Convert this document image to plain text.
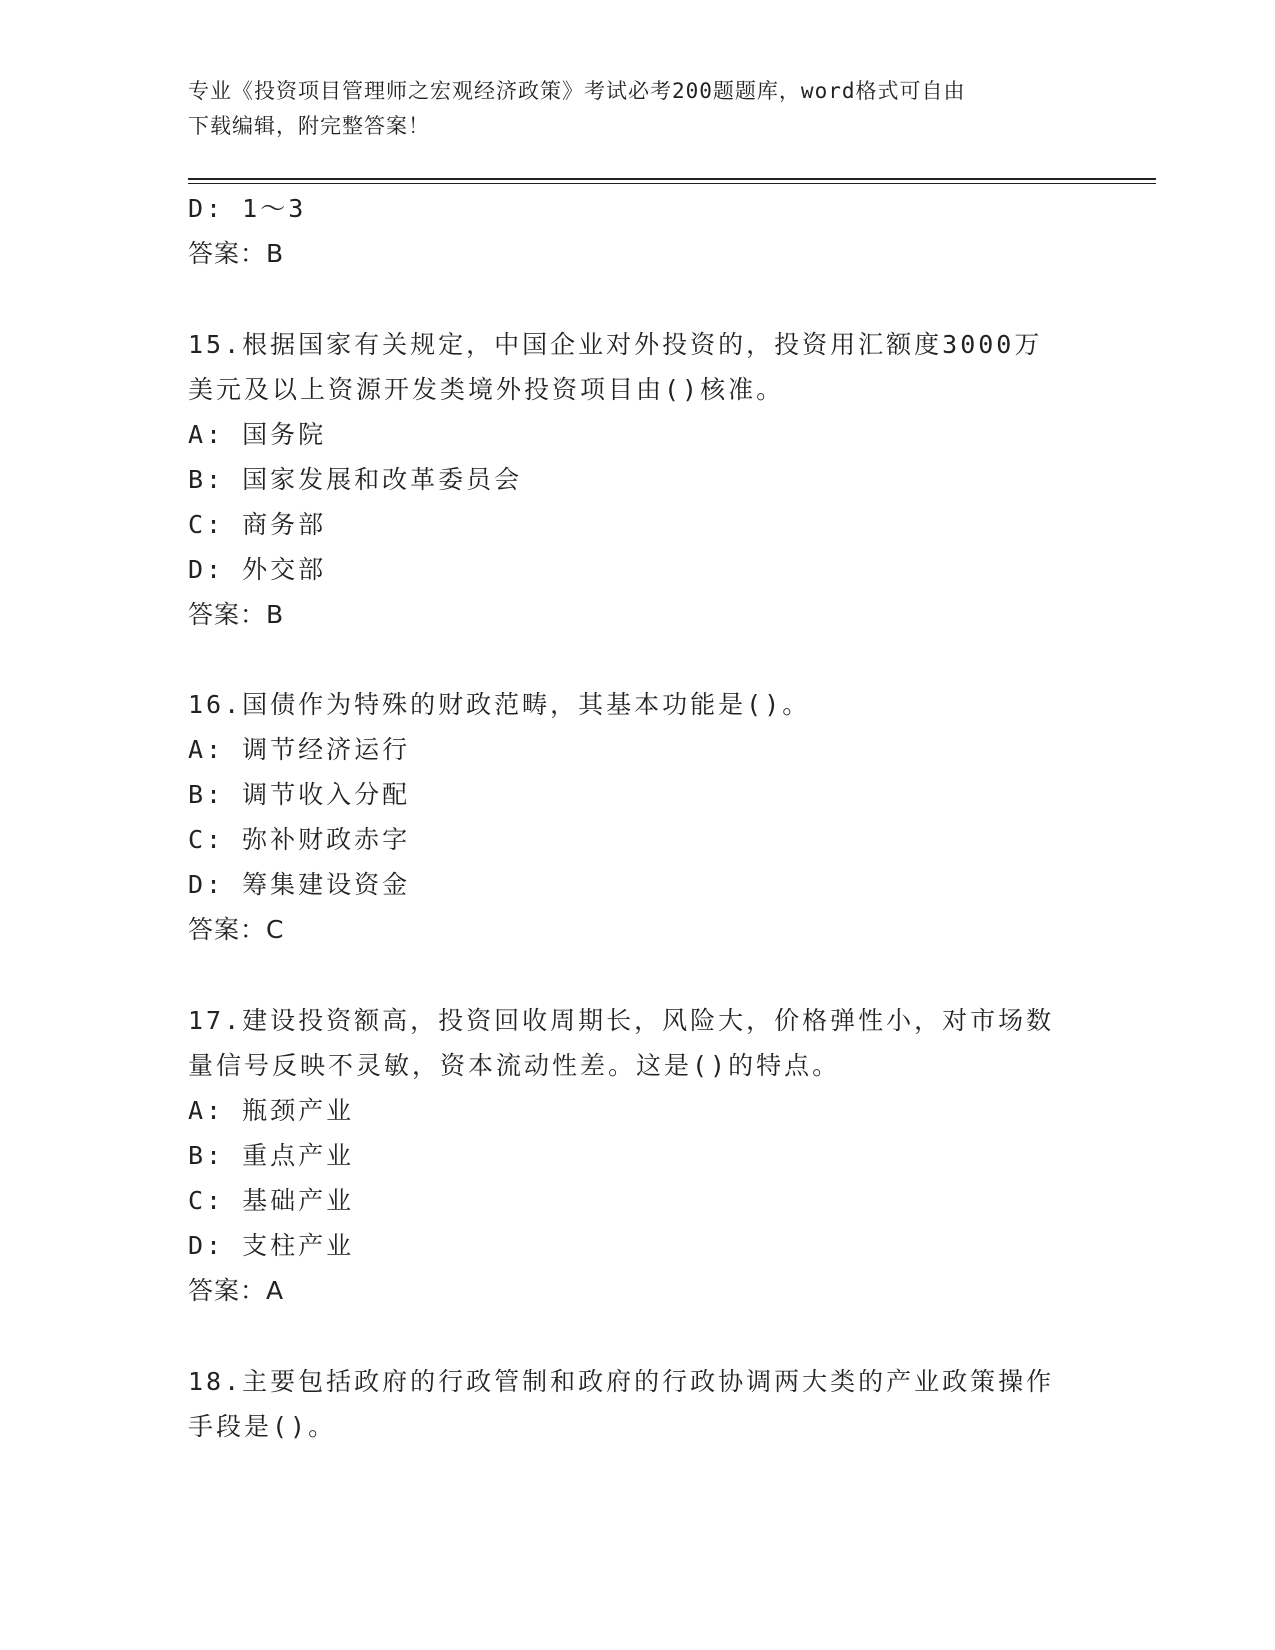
专业《投资项目管理师之宏观经济政策》考试必考200题题库，word格式可自由
下载编辑，附完整答案！
D: 1～3
答案：B
15.根据国家有关规定，中国企业对外投资的，投资用汇额度3000万
美元及以上资源开发类境外投资项目由()核准。
A: 国务院
B: 国家发展和改革委员会
C: 商务部
D: 外交部
答案：B
16.国债作为特殊的财政范畴，其基本功能是()。
A: 调节经济运行
B: 调节收入分配
C: 弥补财政赤字
D: 筹集建设资金
答案：C
17.建设投资额高，投资回收周期长，风险大，价格弹性小，对市场数
量信号反映不灵敏，资本流动性差。这是()的特点。
A: 瓶颈产业
B: 重点产业
C: 基础产业
D: 支柱产业
答案：A
18.主要包括政府的行政管制和政府的行政协调两大类的产业政策操作
手段是()。
